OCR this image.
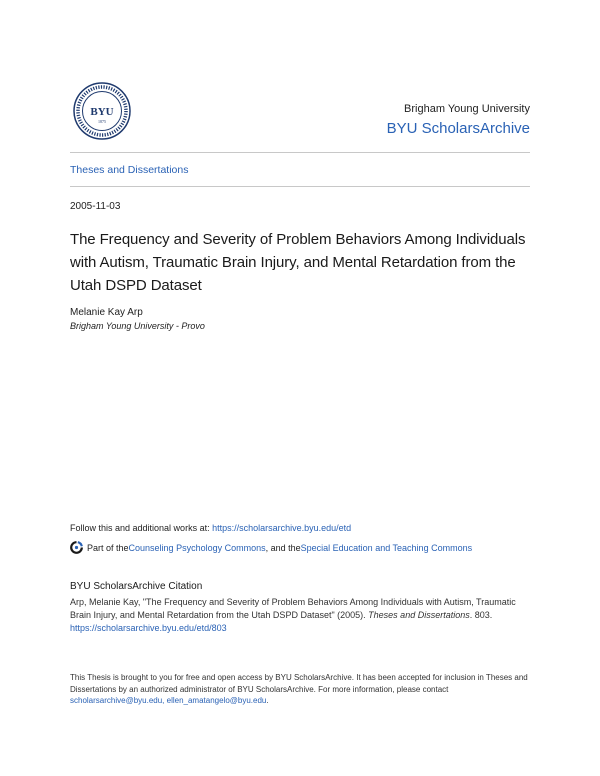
BYU
1875
Brigham Young University
BYU ScholarsArchive
Theses and Dissertations
2005-11-03
The Frequency and Severity of Problem Behaviors Among Individuals with Autism, Traumatic Brain Injury, and Mental Retardation from the Utah DSPD Dataset
Melanie Kay Arp
Brigham Young University - Provo
Follow this and additional works at: https://scholarsarchive.byu.edu/etd
Part of the Counseling Psychology Commons , and the Special Education and Teaching Commons
BYU ScholarsArchive Citation
Arp, Melanie Kay, "The Frequency and Severity of Problem Behaviors Among Individuals with Autism, Traumatic Brain Injury, and Mental Retardation from the Utah DSPD Dataset" (2005). Theses and Dissertations. 803.
https://scholarsarchive.byu.edu/etd/803
This Thesis is brought to you for free and open access by BYU ScholarsArchive. It has been accepted for inclusion in Theses and Dissertations by an authorized administrator of BYU ScholarsArchive. For more information, please contact scholarsarchive@byu.edu, ellen_amatangelo@byu.edu.
